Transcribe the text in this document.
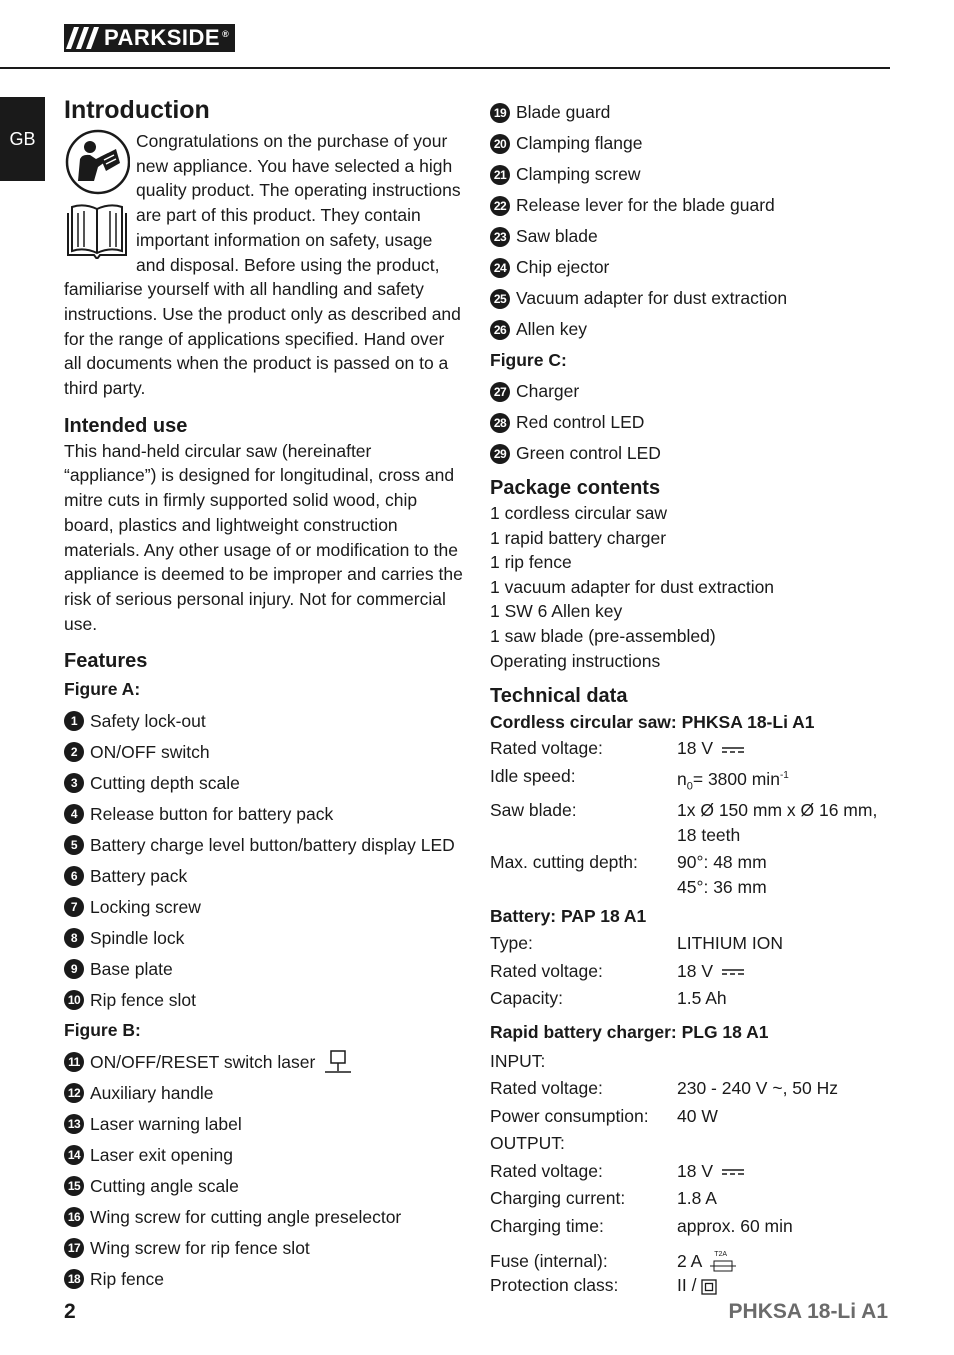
PARKSIDE ®
GB
Introduction

Congratulations on the purchase of your new appliance. You have selected a high quality product. The operating instructions are part of this product. They contain important information on safety, usage and disposal. Before using the product, familiarise yourself with all handling and safety instructions. Use the product only as described and for the range of applications specified. Hand over all documents when the product is passed on to a third party.

Intended use

This hand-held circular saw (hereinafter “appliance”) is designed for longitudinal, cross and mitre cuts in firmly supported solid wood, chip board, plastics and lightweight construction materials. Any other usage of or modification to the appliance is deemed to be improper and carries the risk of serious personal injury. Not for commercial use.

Features

Figure A:

1 Safety lock-out
2 ON/OFF switch
3 Cutting depth scale
4 Release button for battery pack
5 Battery charge level button/battery display LED
6 Battery pack
7 Locking screw
8 Spindle lock
9 Base plate
10 Rip fence slot

Figure B:

11 ON/OFF/RESET switch laser
12 Auxiliary handle
13 Laser warning label
14 Laser exit opening
15 Cutting angle scale
16 Wing screw for cutting angle preselector
17 Wing screw for rip fence slot
18 Rip fence
19 Blade guard
20 Clamping flange
21 Clamping screw
22 Release lever for the blade guard
23 Saw blade
24 Chip ejector
25 Vacuum adapter for dust extraction
26 Allen key

Figure C:

27 Charger
28 Red control LED
29 Green control LED
Package contents

1 cordless circular saw

1 rapid battery charger

1 rip fence

1 vacuum adapter for dust extraction

1 SW 6 Allen key

1 saw blade (pre-assembled)

Operating instructions

Technical data

Cordless circular saw: PHKSA 18-Li A1

Rated voltage:	18 V
Idle speed:	$n_0= 3800$ $\min^{-1}$
Saw blade:	1x Ø 150 mm x Ø 16 mm,
18 teeth

Max. cutting depth:	90°: 48 mm
45°: 36 mm

Battery: PAP 18 A1

Type:	LITHIUM ION
Rated voltage:	18 V
Capacity:	1.5 Ah

Rapid battery charger: PLG 18 A1

INPUT:	
Rated voltage:	230 - 240 V ~, 50 Hz
Power consumption:	40 W
OUTPUT:	
Rated voltage:	18 V
Charging current:	1.8 A
Charging time:	approx. 60 min
Fuse (internal):	2 A T2A

Protection class:	II /
2	PHKSA 18-Li A1
